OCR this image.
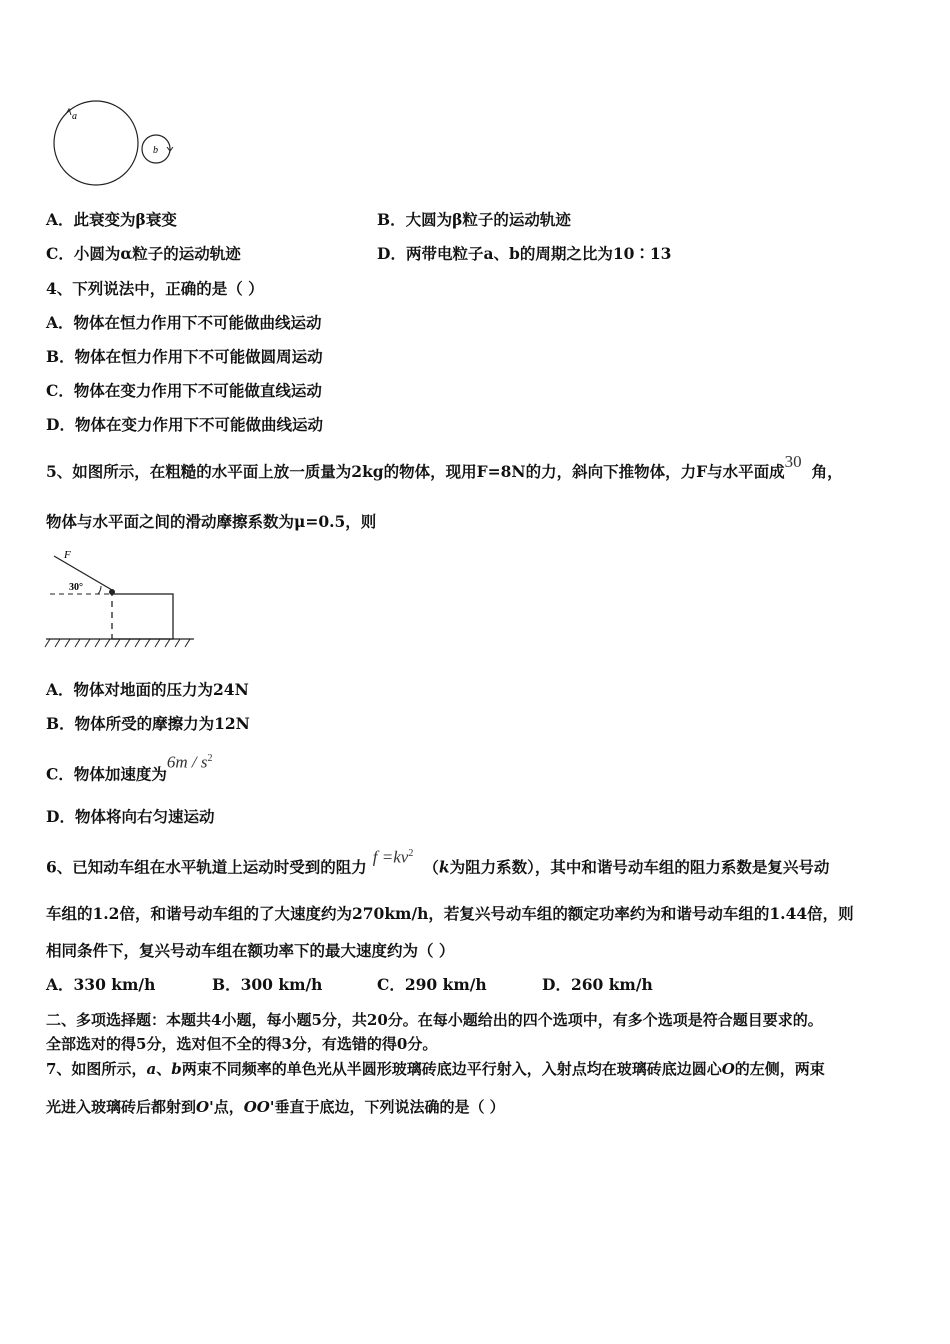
a
b
A．此衰变为β衰变	B．大圆为β粒子的运动轨迹
C．小圆为α粒子的运动轨迹	D．两带电粒子a、b的周期之比为10∶13
4、下列说法中，正确的是（ ）
A．物体在恒力作用下不可能做曲线运动
B．物体在恒力作用下不可能做圆周运动
C．物体在变力作用下不可能做直线运动
D．物体在变力作用下不可能做曲线运动
5、如图所示，在粗糙的水平面上放一质量为2kg的物体，现用F=8N的力，斜向下推物体，力F与水平面成30角，
物体与水平面之间的滑动摩擦系数为μ=0.5，则
F
30°
A．物体对地面的压力为24N
B．物体所受的摩擦力为12N
C．物体加速度为$6m / s^2$
D．物体将向右匀速运动
6、已知动车组在水平轨道上运动时受到的阻力$f =kv^2(k$为阻力系数），其中和谐号动车组的阻力系数是复兴号动
车组的1.2倍，和谐号动车组的了大速度约为270km/h，若复兴号动车组的额定功率约为和谐号动车组的1.44倍，则
相同条件下，复兴号动车组在额功率下的最大速度约为（ ）
A．330 km/h	B．300 km/h	C．290 km/h	D．260 km/h
二、多项选择题：本题共4小题，每小题5分，共20分。在每小题给出的四个选项中，有多个选项是符合题目要求的。
全部选对的得5分，选对但不全的得3分，有选错的得0分。
7、如图所示，a、b两束不同频率的单色光从半圆形玻璃砖底边平行射入，入射点均在玻璃砖底边圆心O的左侧，两束
光进入玻璃砖后都射到O'点，OO'垂直于底边，下列说法确的是（ ）
